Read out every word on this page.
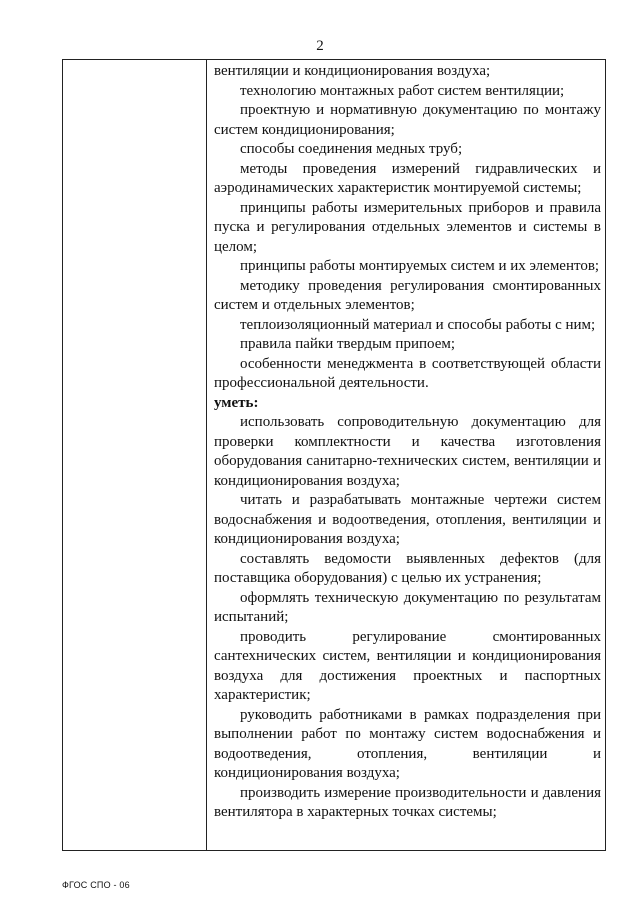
2

вентиляции и кондиционирования воздуха;

технологию монтажных работ систем вентиляции;

проектную и нормативную документацию по монтажу систем кондиционирования;

способы соединения медных труб;

методы проведения измерений гидравлических и аэродинамических характеристик монтируемой системы;

принципы работы измерительных приборов и правила пуска и регулирования отдельных элементов и системы в целом;

принципы работы монтируемых систем и их элементов;

методику проведения регулирования смонтированных систем и отдельных элементов;

теплоизоляционный материал и способы работы с ним;

правила пайки твердым припоем;

особенности менеджмента в соответствующей области профессиональной деятельности.

уметь:

использовать сопроводительную документацию для проверки комплектности и качества изготовления оборудования санитарно-технических систем, вентиляции и кондиционирования воздуха;

читать и разрабатывать монтажные чертежи систем водоснабжения и водоотведения, отопления, вентиляции и кондиционирования воздуха;

составлять ведомости выявленных дефектов (для поставщика оборудования) с целью их устранения;

оформлять техническую документацию по результатам испытаний;

проводить регулирование смонтированных сантехнических систем, вентиляции и кондиционирования воздуха для достижения проектных и паспортных характеристик;

руководить работниками в рамках подразделения при выполнении работ по монтажу систем водоснабжения и водоотведения, отопления, вентиляции и кондиционирования воздуха;

производить измерение производительности и давления вентилятора в характерных точках системы;

ФГОС СПО - 06
